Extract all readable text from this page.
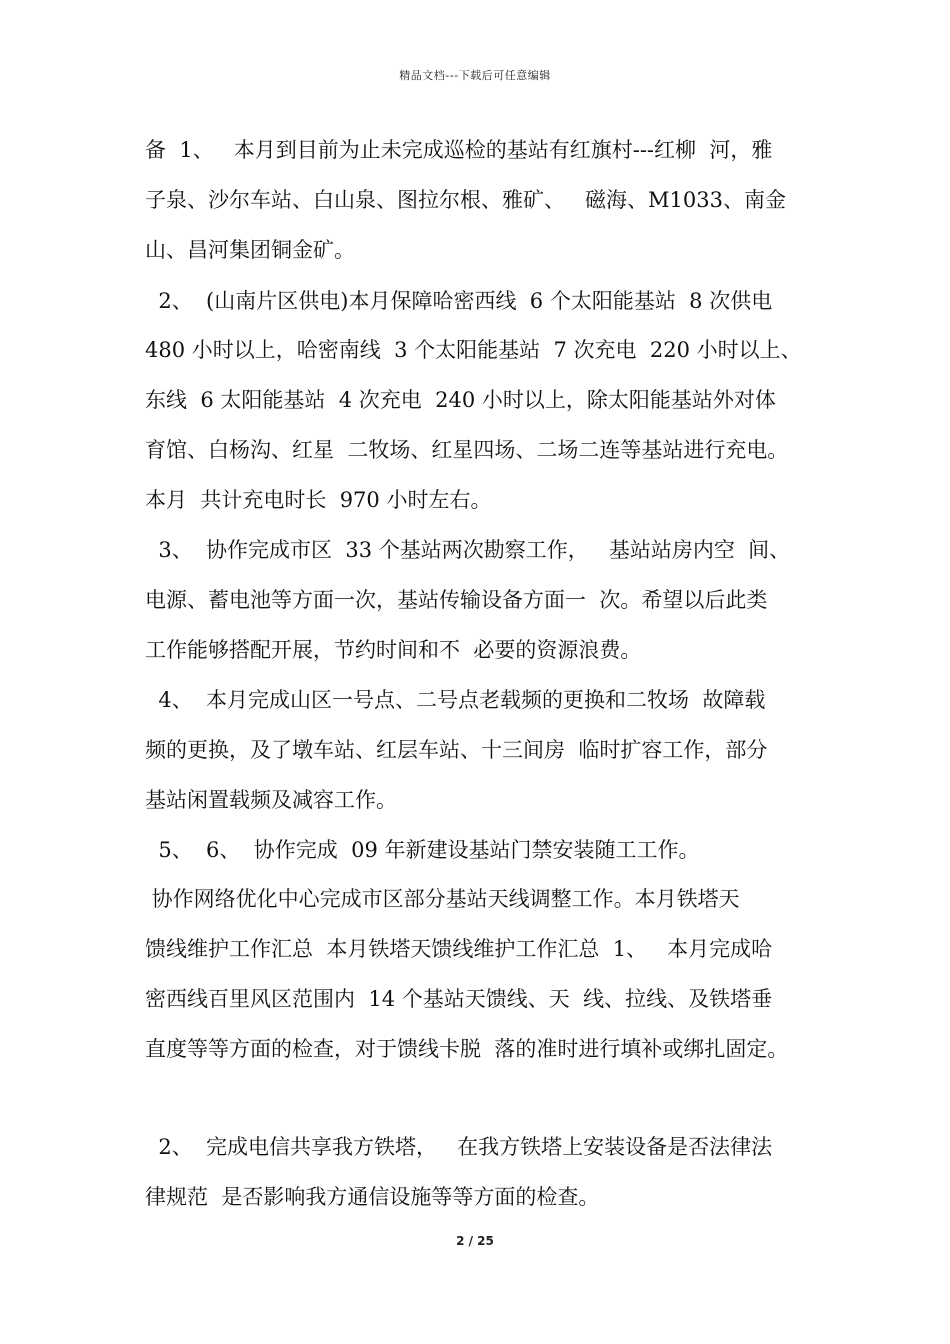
精品文档---下载后可任意编辑
备  1、   本月到目前为止未完成巡检的基站有红旗村---红柳  河，雅
子泉、沙尔车站、白山泉、图拉尔根、雅矿、   磁海、M1033、南金
山、昌河集团铜金矿。
2、  (山南片区供电)本月保障哈密西线  6 个太阳能基站  8 次供电
480 小时以上，哈密南线  3 个太阳能基站  7 次充电  220 小时以上、
东线  6 太阳能基站  4 次充电  240 小时以上，除太阳能基站外对体
育馆、白杨沟、红星  二牧场、红星四场、二场二连等基站进行充电。
本月  共计充电时长  970 小时左右。
3、  协作完成市区  33 个基站两次勘察工作，   基站站房内空  间、
电源、蓄电池等方面一次，基站传输设备方面一  次。希望以后此类
工作能够搭配开展，节约时间和不  必要的资源浪费。
4、  本月完成山区一号点、二号点老载频的更换和二牧场  故障载
频的更换，及了墩车站、红层车站、十三间房  临时扩容工作，部分
基站闲置载频及减容工作。
5、  6、  协作完成  09 年新建设基站门禁安装随工工作。
协作网络优化中心完成市区部分基站天线调整工作。本月铁塔天
馈线维护工作汇总  本月铁塔天馈线维护工作汇总  1、   本月完成哈
密西线百里风区范围内  14 个基站天馈线、天  线、拉线、及铁塔垂
直度等等方面的检查，对于馈线卡脱  落的准时进行填补或绑扎固定。
2、  完成电信共享我方铁塔，   在我方铁塔上安装设备是否法律法
律规范  是否影响我方通信设施等等方面的检查。
2 / 25
